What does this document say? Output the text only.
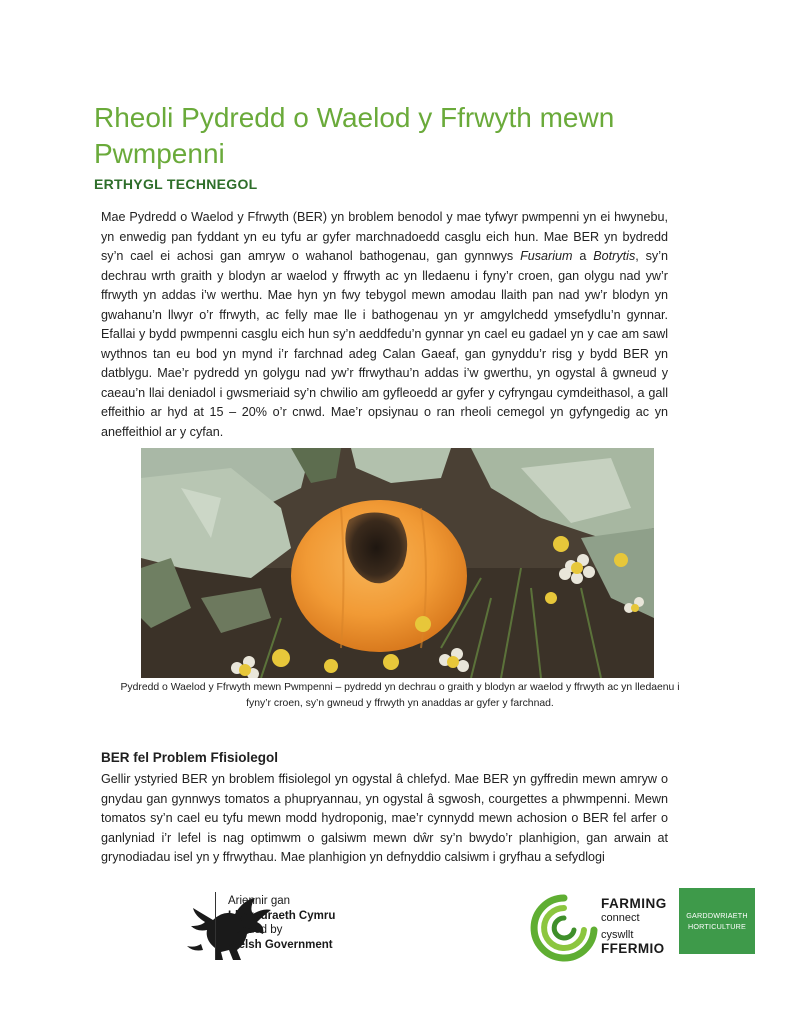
Rheoli Pydredd o Waelod y Ffrwyth mewn Pwmpenni
ERTHYGL TECHNEGOL

Mae Pydredd o Waelod y Ffrwyth (BER) yn broblem benodol y mae tyfwyr pwmpenni yn ei hwynebu, yn enwedig pan fyddant yn eu tyfu ar gyfer marchnadoedd casglu eich hun. Mae BER yn bydredd sy’n cael ei achosi gan amryw o wahanol bathogenau, gan gynnwys Fusarium a Botrytis, sy’n dechrau wrth graith y blodyn ar waelod y ffrwyth ac yn lledaenu i fyny’r croen, gan olygu nad yw’r ffrwyth yn addas i’w werthu. Mae hyn yn fwy tebygol mewn amodau llaith pan nad yw’r blodyn yn gwahanu’n llwyr o’r ffrwyth, ac felly mae lle i bathogenau yn yr amgylchedd ymsefydlu’n gynnar. Efallai y bydd pwmpenni casglu eich hun sy’n aeddfedu’n gynnar yn cael eu gadael yn y cae am sawl wythnos tan eu bod yn mynd i’r farchnad adeg Calan Gaeaf, gan gynyddu’r risg y bydd BER yn datblygu. Mae’r pydredd yn golygu nad yw’r ffrwythau’n addas i’w gwerthu, yn ogystal â gwneud y caeau’n llai deniadol i gwsmeriaid sy’n chwilio am gyfleoedd ar gyfer y cyfryngau cymdeithasol, a gall effeithio ar hyd at 15 – 20% o’r cnwd. Mae’r opsiynau o ran rheoli cemegol yn gyfyngedig ac yn aneffeithiol ar y cyfan.

Pydredd o Waelod y Ffrwyth mewn Pwmpenni – pydredd yn dechrau o graith y blodyn ar waelod y ffrwyth ac yn lledaenu i fyny’r croen, sy’n gwneud y ffrwyth yn anaddas ar gyfer y farchnad.

BER fel Problem Ffisiolegol

Gellir ystyried BER yn broblem ffisiolegol yn ogystal â chlefyd. Mae BER yn gyffredin mewn amryw o gnydau gan gynnwys tomatos a phupryannau, yn ogystal â sgwosh, courgettes a phwmpenni. Mewn tomatos sy’n cael eu tyfu mewn modd hydroponig, mae’r cynnydd mewn achosion o BER fel arfer o ganlyniad i’r lefel is nag optimwm o galsiwm mewn dŵr sy’n bwydo’r planhigion, gan arwain at grynodiadau isel yn y ffrwythau. Mae planhigion yn defnyddio calsiwm i gryfhau a sefydlogi

Ariennir gan
Llywodraeth Cymru
Funded by
Welsh Government
FARMING
connect
cyswllt
FFERMIO
GARDDWRIAETH
HORTICULTURE
